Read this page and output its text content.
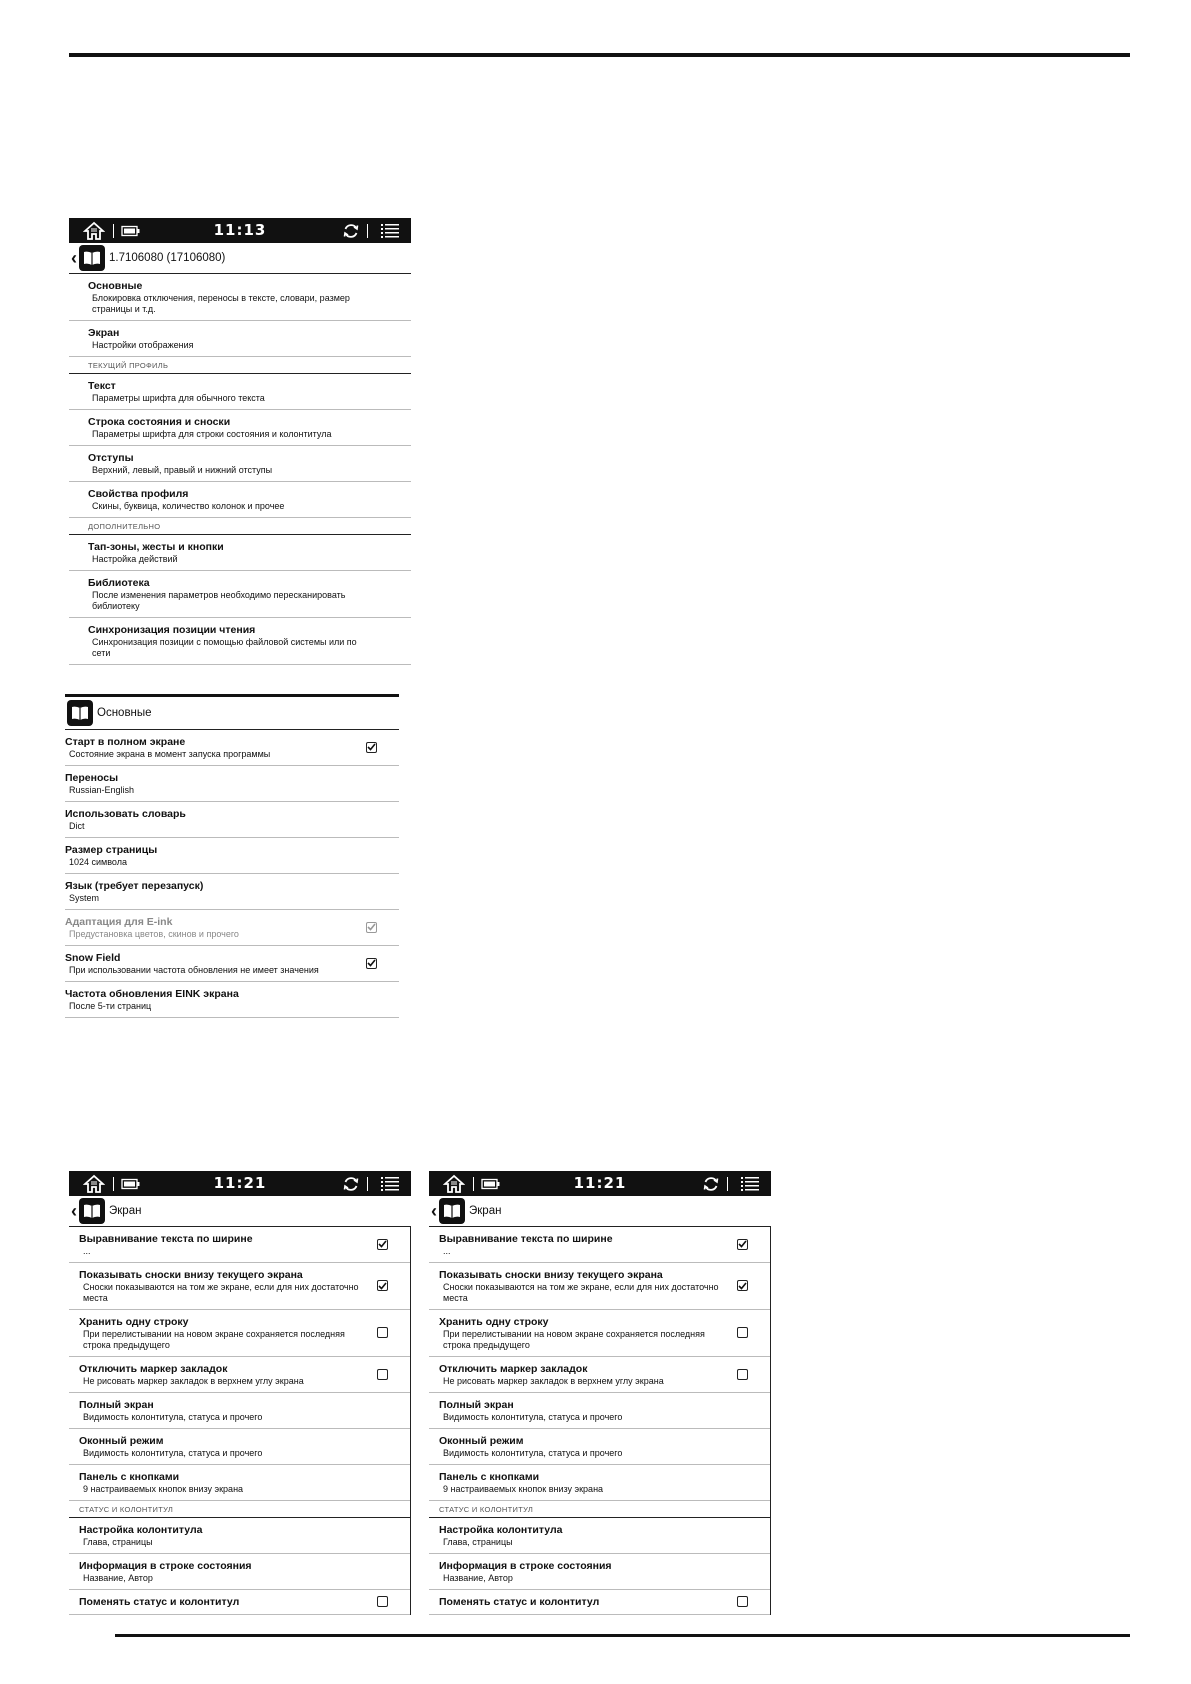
11:13
‹	1.7106080 (17106080)
Основные
Блокировка отключения, переносы в тексте, словари, размер страницы и т.д.
Экран
Настройки отображения
ТЕКУЩИЙ ПРОФИЛЬ
Текст
Параметры шрифта для обычного текста
Строка состояния и сноски
Параметры шрифта для строки состояния и колонтитула
Отступы
Верхний, левый, правый и нижний отступы
Свойства профиля
Скины, буквица, количество колонок и прочее
ДОПОЛНИТЕЛЬНО
Тап-зоны, жесты и кнопки
Настройка действий
Библиотека
После изменения параметров необходимо пересканировать библиотеку
Синхронизация позиции чтения
Синхронизация позиции с помощью файловой системы или по сети
Основные
Старт в полном экране
Состояние экрана в момент запуска программы
Переносы
Russian-English
Использовать словарь
Dict
Размер страницы
1024 символа
Язык (требует перезапуск)
System
Адаптация для E-ink
Предустановка цветов, скинов и прочего
Snow Field
При использовании частота обновления не имеет значения
Частота обновления EINK экрана
После 5-ти страниц
11:21
‹	Экран
Выравнивание текста по ширине
...
Показывать сноски внизу текущего экрана
Сноски показываются на том же экране, если для них достаточно места
Хранить одну строку
При перелистывании на новом экране сохраняется последняя строка предыдущего
Отключить маркер закладок
Не рисовать маркер закладок в верхнем углу экрана
Полный экран
Видимость колонтитула, статуса и прочего
Оконный режим
Видимость колонтитула, статуса и прочего
Панель с кнопками
9 настраиваемых кнопок внизу экрана
СТАТУС И КОЛОНТИТУЛ
Настройка колонтитула
Глава, страницы
Информация в строке состояния
Название, Автор
Поменять статус и колонтитул
11:21
‹	Экран
Выравнивание текста по ширине
...
Показывать сноски внизу текущего экрана
Сноски показываются на том же экране, если для них достаточно места
Хранить одну строку
При перелистывании на новом экране сохраняется последняя строка предыдущего
Отключить маркер закладок
Не рисовать маркер закладок в верхнем углу экрана
Полный экран
Видимость колонтитула, статуса и прочего
Оконный режим
Видимость колонтитула, статуса и прочего
Панель с кнопками
9 настраиваемых кнопок внизу экрана
СТАТУС И КОЛОНТИТУЛ
Настройка колонтитула
Глава, страницы
Информация в строке состояния
Название, Автор
Поменять статус и колонтитул
